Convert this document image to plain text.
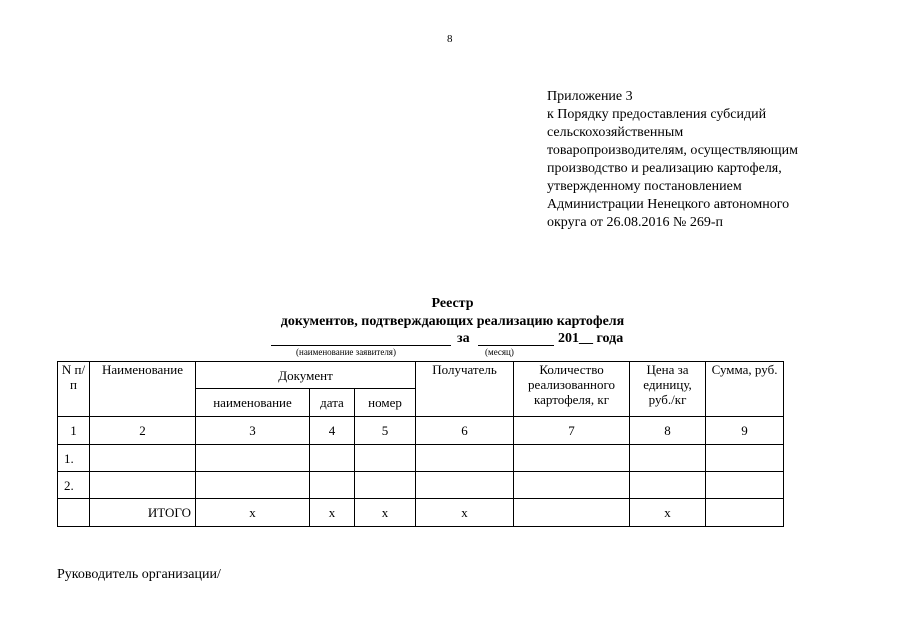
8
Приложение 3
к Порядку предоставления субсидий
сельскохозяйственным
товаропроизводителям, осуществляющим
производство и реализацию картофеля,
утвержденному постановлением
Администрации Ненецкого автономного
округа от 26.08.2016 № 269-п
Реестр
документов, подтверждающих реализацию картофеля
за	201__ года
(наименование заявителя)	(месяц)
N п/п	Наименование	Документ			Получатель	Количество реализованного картофеля, кг	Цена за единицу, руб./кг	Сумма, руб.
		наименование	дата	номер				
1	2	3	4	5	6	7	8	9
1.								
2.								
	ИТОГО	х	х	х	х		х	
Руководитель организации/
